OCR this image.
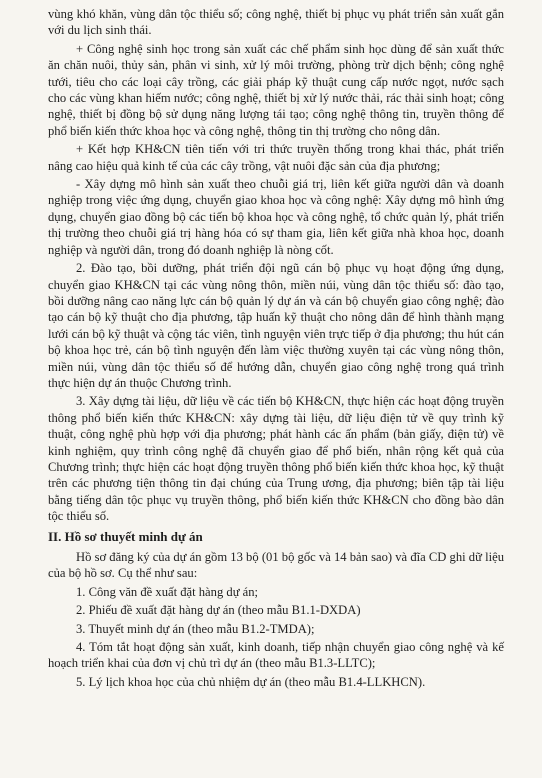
vùng khó khăn, vùng dân tộc thiểu số; công nghệ, thiết bị phục vụ phát triển sản xuất gắn với du lịch sinh thái.

+ Công nghệ sinh học trong sản xuất các chế phẩm sinh học dùng để sản xuất thức ăn chăn nuôi, thủy sản, phân vi sinh, xử lý môi trường, phòng trừ dịch bệnh; công nghệ tưới, tiêu cho các loại cây trồng, các giải pháp kỹ thuật cung cấp nước ngọt, nước sạch cho các vùng khan hiếm nước; công nghệ, thiết bị xử lý nước thải, rác thải sinh hoạt; công nghệ, thiết bị đồng bộ sử dụng năng lượng tái tạo; công nghệ thông tin, truyền thông để phổ biến kiến thức khoa học và công nghệ, thông tin thị trường cho nông dân.

+ Kết hợp KH&CN tiên tiến với tri thức truyền thống trong khai thác, phát triển nâng cao hiệu quả kinh tế của các cây trồng, vật nuôi đặc sản của địa phương;

- Xây dựng mô hình sản xuất theo chuỗi giá trị, liên kết giữa người dân và doanh nghiệp trong việc ứng dụng, chuyển giao khoa học và công nghệ: Xây dựng mô hình ứng dụng, chuyển giao đồng bộ các tiến bộ khoa học và công nghệ, tổ chức quản lý, phát triển thị trường theo chuỗi giá trị hàng hóa có sự tham gia, liên kết giữa nhà khoa học, doanh nghiệp và người dân, trong đó doanh nghiệp là nòng cốt.

2. Đào tạo, bồi dưỡng, phát triển đội ngũ cán bộ phục vụ hoạt động ứng dụng, chuyển giao KH&CN tại các vùng nông thôn, miền núi, vùng dân tộc thiểu số: đào tạo, bồi dưỡng nâng cao năng lực cán bộ quản lý dự án và cán bộ chuyển giao công nghệ; đào tạo cán bộ kỹ thuật cho địa phương, tập huấn kỹ thuật cho nông dân để hình thành mạng lưới cán bộ kỹ thuật và cộng tác viên, tình nguyện viên trực tiếp ở địa phương; thu hút cán bộ khoa học trẻ, cán bộ tình nguyện đến làm việc thường xuyên tại các vùng nông thôn, miền núi, vùng dân tộc thiểu số để hướng dẫn, chuyển giao công nghệ trong quá trình thực hiện dự án thuộc Chương trình.

3. Xây dựng tài liệu, dữ liệu về các tiến bộ KH&CN, thực hiện các hoạt động truyền thông phổ biến kiến thức KH&CN: xây dựng tài liệu, dữ liệu điện tử về quy trình kỹ thuật, công nghệ phù hợp với địa phương; phát hành các ấn phẩm (bản giấy, điện tử) về kinh nghiệm, quy trình công nghệ đã chuyển giao để phổ biến, nhân rộng kết quả của Chương trình; thực hiện các hoạt động truyền thông phổ biến kiến thức khoa học, kỹ thuật trên các phương tiện thông tin đại chúng của Trung ương, địa phương; biên tập tài liệu bằng tiếng dân tộc phục vụ truyền thông, phổ biến kiến thức KH&CN cho đồng bào dân tộc thiểu số.

II. Hồ sơ thuyết minh dự án

Hồ sơ đăng ký của dự án gồm 13 bộ (01 bộ gốc và 14 bản sao) và đĩa CD ghi dữ liệu của bộ hồ sơ. Cụ thể như sau:

1. Công văn đề xuất đặt hàng dự án;

2. Phiếu đề xuất đặt hàng dự án (theo mẫu B1.1-DXDA)

3. Thuyết minh dự án (theo mẫu B1.2-TMDA);

4. Tóm tắt hoạt động sản xuất, kinh doanh, tiếp nhận chuyển giao công nghệ và kế hoạch triển khai của đơn vị chủ trì dự án (theo mẫu B1.3-LLTC);

5. Lý lịch khoa học của chủ nhiệm dự án (theo mẫu B1.4-LLKHCN).
